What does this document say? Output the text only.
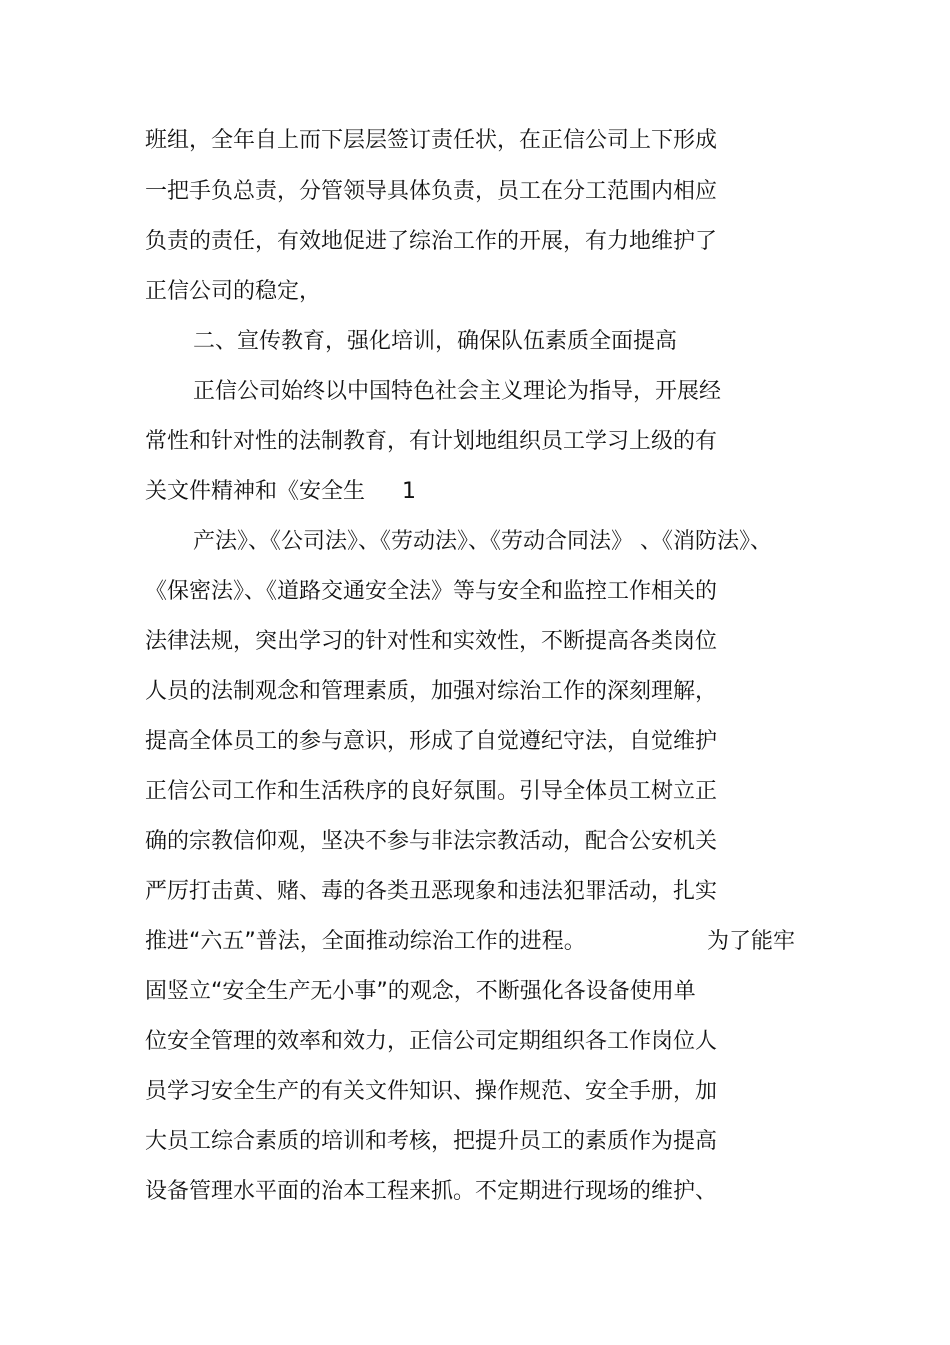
班组，全年自上而下层层签订责任状，在正信公司上下形成
一把手负总责，分管领导具体负责，员工在分工范围内相应
负责的责任，有效地促进了综治工作的开展，有力地维护了
正信公司的稳定，
二、宣传教育，强化培训，确保队伍素质全面提高
正信公司始终以中国特色社会主义理论为指导，开展经
常性和针对性的法制教育，有计划地组织员工学习上级的有
关文件精神和《安全生 1
产法》、《公司法》、《劳动法》、《劳动合同法》 、《消防法》、
《保密法》、《道路交通安全法》等与安全和监控工作相关的
法律法规，突出学习的针对性和实效性，不断提高各类岗位
人员的法制观念和管理素质，加强对综治工作的深刻理解，
提高全体员工的参与意识，形成了自觉遵纪守法，自觉维护
正信公司工作和生活秩序的良好氛围。引导全体员工树立正
确的宗教信仰观，坚决不参与非法宗教活动，配合公安机关
严厉打击黄、赌、毒的各类丑恶现象和违法犯罪活动，扎实
推进“六五”普法，全面推动综治工作的进程。	为了能牢
固竖立“安全生产无小事”的观念，不断强化各设备使用单
位安全管理的效率和效力，正信公司定期组织各工作岗位人
员学习安全生产的有关文件知识、操作规范、安全手册，加
大员工综合素质的培训和考核，把提升员工的素质作为提高
设备管理水平面的治本工程来抓。不定期进行现场的维护、
